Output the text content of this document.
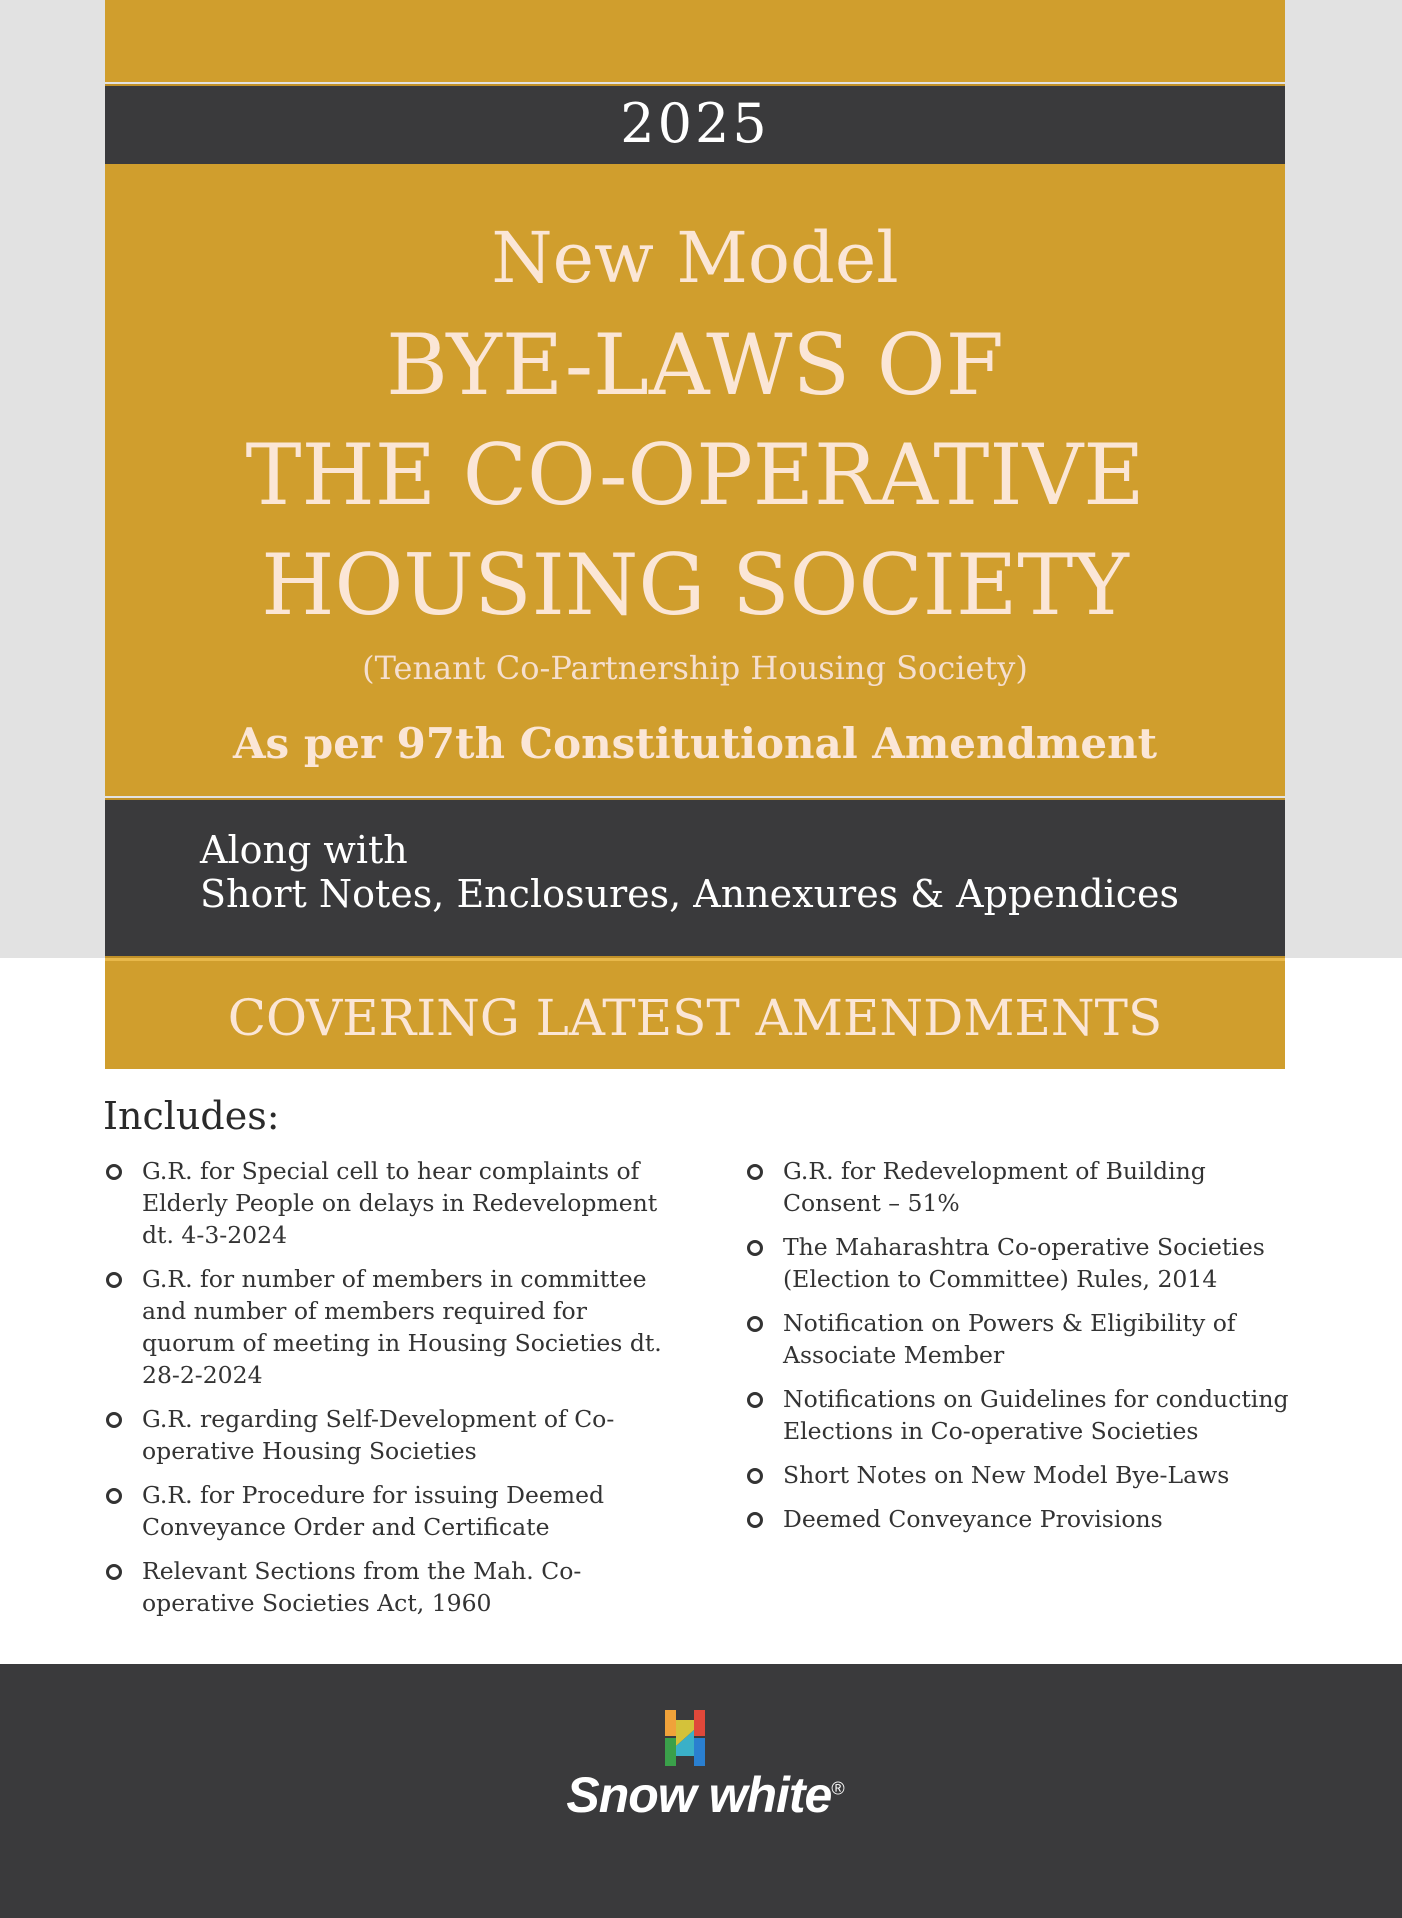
2025
New Model
BYE-LAWS OF
THE CO-OPERATIVE
HOUSING SOCIETY
(Tenant Co-Partnership Housing Society)
As per 97th Constitutional Amendment
Along with
Short Notes, Enclosures, Annexures & Appendices
COVERING LATEST AMENDMENTS
Includes:
G.R. for Special cell to hear complaints of Elderly People on delays in Redevelopment dt. 4-3-2024
G.R. for number of members in committee and number of members required for quorum of meeting in Housing Societies dt. 28-2-2024
G.R. regarding Self-Development of Co-operative Housing Societies
G.R. for Procedure for issuing Deemed Conveyance Order and Certificate
Relevant Sections from the Mah. Co-operative Societies Act, 1960
G.R. for Redevelopment of Building Consent – 51%
The Maharashtra Co-operative Societies (Election to Committee) Rules, 2014
Notification on Powers & Eligibility of Associate Member
Notifications on Guidelines for conducting Elections in Co-operative Societies
Short Notes on New Model Bye-Laws
Deemed Conveyance Provisions
Snow white®
